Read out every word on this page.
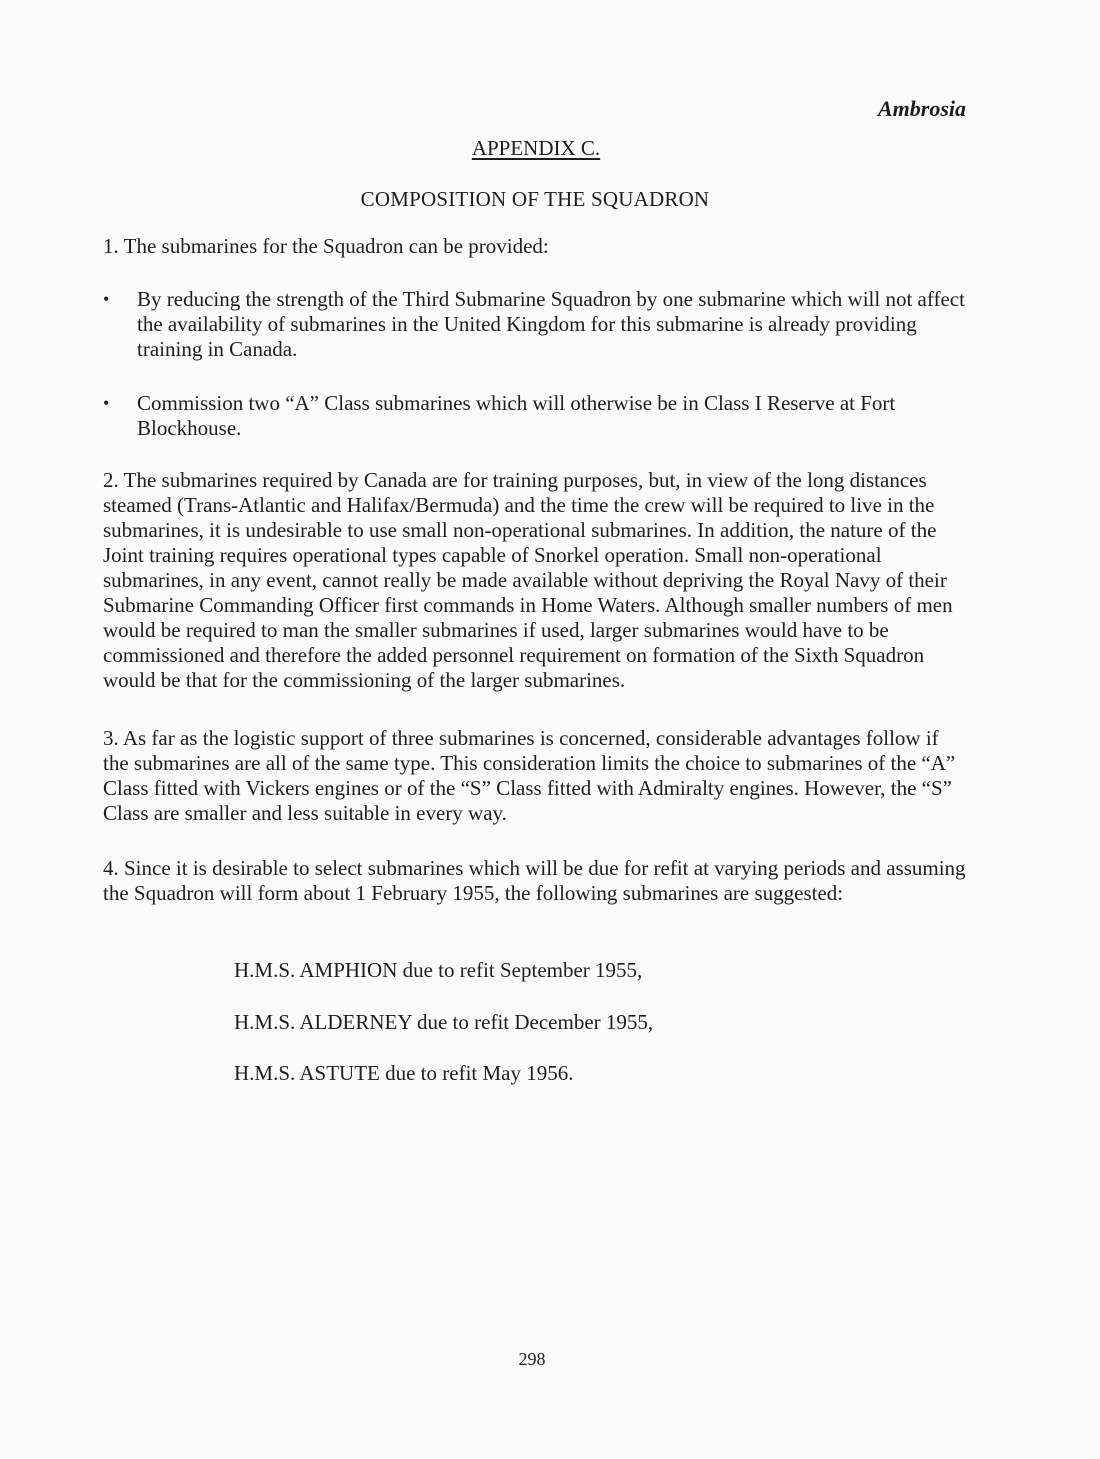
Ambrosia
APPENDIX C.
COMPOSITION OF THE SQUADRON
1. The submarines for the Squadron can be provided:
•	By reducing the strength of the Third Submarine Squadron by one submarine which will not affect the availability of submarines in the United Kingdom for this submarine is already providing training in Canada.
•	Commission two “A” Class submarines which will otherwise be in Class I Reserve at Fort Blockhouse.
2. The submarines required by Canada are for training purposes, but, in view of the long distances steamed (Trans-Atlantic and Halifax/Bermuda) and the time the crew will be required to live in the submarines, it is undesirable to use small non-operational submarines. In addition, the nature of the Joint training requires operational types capable of Snorkel operation. Small non-operational submarines, in any event, cannot really be made available without depriving the Royal Navy of their Submarine Commanding Officer first commands in Home Waters. Although smaller numbers of men would be required to man the smaller submarines if used, larger submarines would have to be commissioned and therefore the added personnel requirement on formation of the Sixth Squadron would be that for the commissioning of the larger submarines.
3. As far as the logistic support of three submarines is concerned, considerable advantages follow if the submarines are all of the same type. This consideration limits the choice to submarines of the “A” Class fitted with Vickers engines or of the “S” Class fitted with Admiralty engines. However, the “S” Class are smaller and less suitable in every way.
4. Since it is desirable to select submarines which will be due for refit at varying periods and assuming the Squadron will form about 1 February 1955, the following submarines are suggested:
H.M.S. AMPHION due to refit September 1955,
H.M.S. ALDERNEY due to refit December 1955,
H.M.S. ASTUTE due to refit May 1956.
298
